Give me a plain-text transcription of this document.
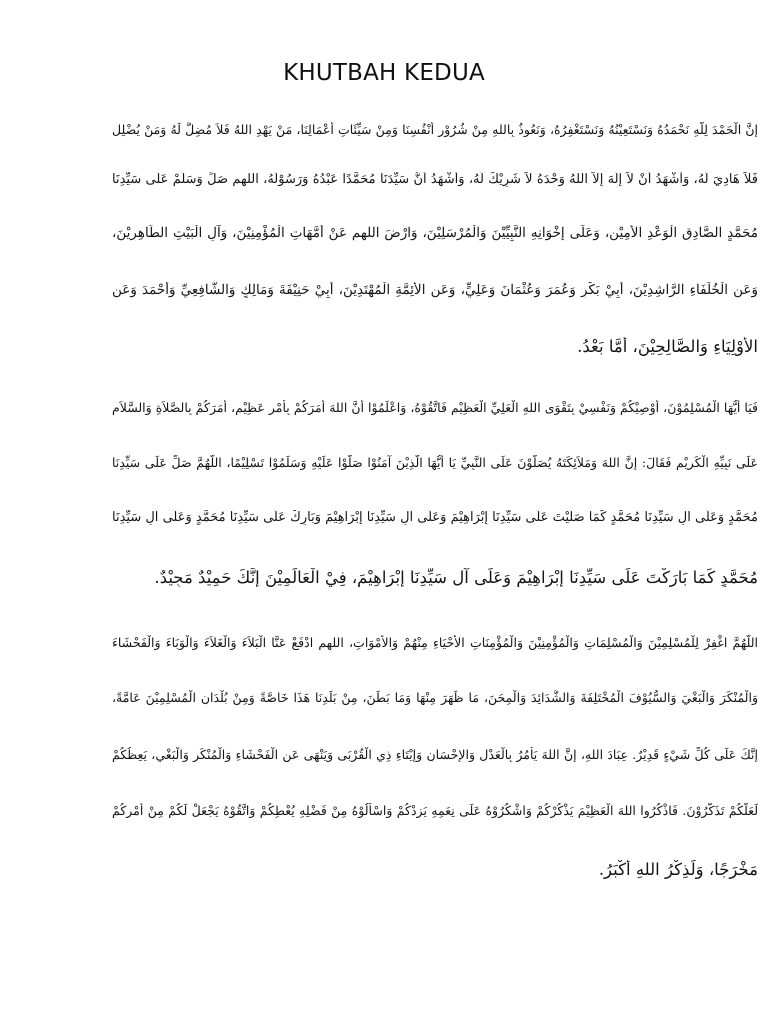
KHUTBAH KEDUA
إِنَّ الْحَمْدَ لِلَّهِ نَحْمَدُهُ وَنَسْتَعِيْنُهُ وَنَسْتَغْفِرُهُ، وَنَعُوذُ بِاللهِ مِنْ شُرُوْرِ أَنْفُسِنَا وَمِنْ سَيِّئَاتِ أَعْمَالِنَا، مَنْ يَهْدِ اللهُ فَلاَ مُضِلَّ لَهُ وَمَنْ يُضْلِل
فَلاَ هَادِيَ لَهُ، وَأَشْهَدُ أَنْ لاَ إِلَهَ إِلاَّ اللهُ وَحْدَهُ لاَ شَرِيْكَ لَهُ، وَأَشْهَدُ أَنَّ سَيِّدَنَا مُحَمَّدًا عَبْدُهُ وَرَسُوْلُهُ، اللهم صَلِّ وَسَلِّمْ عَلَى سَيِّدِنَا
مُحَمَّدٍ الصَّادِقِ الْوَعْدِ الأَمِيْنِ، وَعَلَى إِخْوَانِهِ النَّبِيِّيْنَ وَالْمُرْسَلِيْنَ، وَارْضَ اللهم عَنْ أُمَّهَاتِ الْمُؤْمِنِيْنَ، وَآلِ الْبَيْتِ الطَّاهِرِيْنَ،
وَعَنِ الْخُلَفَاءِ الرَّاشِدِيْنَ، أَبِيْ بَكْرٍ وَعُمَرَ وَعُثْمَانَ وَعَلِيٍّ، وَعَنِ الأَئِمَّةِ الْمُهْتَدِيْنَ، أَبِيْ حَنِيْفَةَ وَمَالِكٍ وَالشَّافِعِيِّ وَأَحْمَدَ وَعَنِ
الأَوْلِيَاءِ وَالصَّالِحِيْنَ، أَمَّا بَعْدُ.
فَيَا أَيُّهَا الْمُسْلِمُوْنَ، أُوْصِيْكُمْ وَنَفْسِيْ بِتَقْوَى اللهِ الْعَلِيِّ الْعَظِيْمِ فَاتَّقُوْهُ، وَاعْلَمُوْا أَنَّ اللهَ أَمَرَكُمْ بِأَمْرٍ عَظِيْمٍ، أَمَرَكُمْ بِالصَّلاَةِ وَالسَّلاَمِ
عَلَى نَبِيِّهِ الْكَرِيْمِ فَقَالَ: إِنَّ اللهَ وَمَلاَئِكَتَهُ يُصَلُّوْنَ عَلَى النَّبِيِّ يَا أَيُّهَا الَّذِيْنَ آمَنُوْا صَلُّوْا عَلَيْهِ وَسَلِّمُوْا تَسْلِيْمًا، اللَّهُمَّ صَلِّ عَلَى سَيِّدِنَا
مُحَمَّدٍ وَعَلَى آلِ سَيِّدِنَا مُحَمَّدٍ كَمَا صَلَّيْتَ عَلَى سَيِّدِنَا إِبْرَاهِيْمَ وَعَلَى آلِ سَيِّدِنَا إِبْرَاهِيْمَ وَبَارِكْ عَلَى سَيِّدِنَا مُحَمَّدٍ وَعَلَى آلِ سَيِّدِنَا
مُحَمَّدٍ كَمَا بَارَكْتَ عَلَى سَيِّدِنَا إِبْرَاهِيْمَ وَعَلَى آلِ سَيِّدِنَا إِبْرَاهِيْمَ، فِيْ الْعَالَمِيْنَ إِنَّكَ حَمِيْدٌ مَجِيْدٌ.
اللَّهُمَّ اغْفِرْ لِلْمُسْلِمِيْنَ وَالْمُسْلِمَاتِ وَالْمُؤْمِنِيْنَ وَالْمُؤْمِنَاتِ الأَحْيَاءِ مِنْهُمْ وَالأَمْوَاتِ، اللهم ادْفَعْ عَنَّا الْبَلاَءَ وَالْغَلاَءَ وَالْوَبَاءَ وَالْفَحْشَاءَ
وَالْمُنْكَرَ وَالْبَغْيَ وَالسُّيُوْفَ الْمُخْتَلِفَةَ وَالشَّدَائِدَ وَالْمِحَنَ، مَا ظَهَرَ مِنْهَا وَمَا بَطَنَ، مِنْ بَلَدِنَا هَذَا خَاصَّةً وَمِنْ بُلْدَانِ الْمُسْلِمِيْنَ عَامَّةً،
إِنَّكَ عَلَى كُلِّ شَيْءٍ قَدِيْرٌ. عِبَادَ اللهِ، إِنَّ اللهَ يَأْمُرُ بِالْعَدْلِ وَالإِحْسَانِ وَإِيْتَاءِ ذِي الْقُرْبَى وَيَنْهَى عَنِ الْفَحْشَاءِ وَالْمُنْكَرِ وَالْبَغْيِ، يَعِظُكُمْ
لَعَلَّكُمْ تَذَكَّرُوْنَ. فَاذْكُرُوا اللهَ الْعَظِيْمَ يَذْكُرْكُمْ وَاشْكُرُوْهُ عَلَى نِعَمِهِ يَزِدْكُمْ وَاسْأَلُوْهُ مِنْ فَضْلِهِ يُعْطِكُمْ وَاتَّقُوْهُ يَجْعَلْ لَكُمْ مِنْ أَمْرِكُمْ
مَخْرَجًا، وَلَذِكْرُ اللهِ أَكْبَرُ.
